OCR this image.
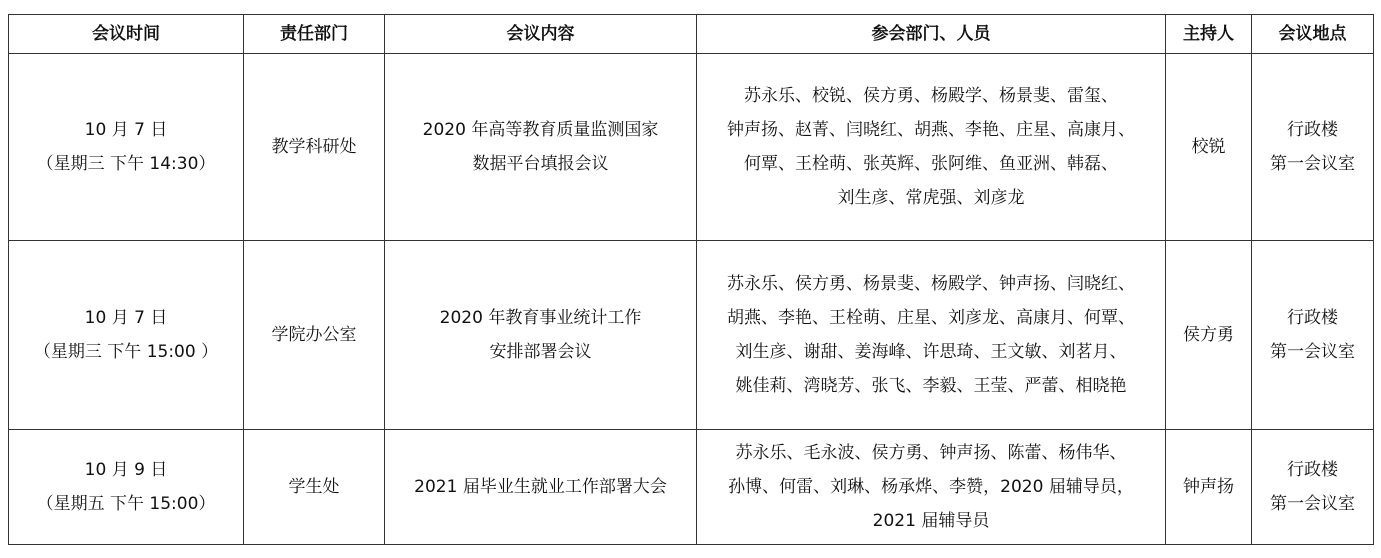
会议时间	责任部门	会议内容	参会部门、人员	主持人	会议地点

10 月 7 日
（星期三 下午 14:30）	教学科研处	2020 年高等教育质量监测国家
数据平台填报会议	苏永乐、校锐、侯方勇、杨殿学、杨景斐、雷玺、
钟声扬、赵菁、闫晓红、胡燕、李艳、庄星、高康月、
何覃、王栓萌、张英辉、张阿维、鱼亚洲、韩磊、
刘生彦、常虎强、刘彦龙	校锐	行政楼
第一会议室

10 月 7 日
（星期三 下午 15:00 ）	学院办公室	2020 年教育事业统计工作
安排部署会议	苏永乐、侯方勇、杨景斐、杨殿学、钟声扬、闫晓红、
胡燕、李艳、王栓萌、庄星、刘彦龙、高康月、何覃、
刘生彦、谢甜、姜海峰、许思琦、王文敏、刘茗月、
姚佳莉、湾晓芳、张飞、李毅、王莹、严蕾、相晓艳	侯方勇	行政楼
第一会议室

10 月 9 日
（星期五 下午 15:00）	学生处	2021 届毕业生就业工作部署大会	苏永乐、毛永波、侯方勇、钟声扬、陈蕾、杨伟华、
孙博、何雷、刘琳、杨承烨、李赞，2020 届辅导员，
2021 届辅导员	钟声扬	行政楼
第一会议室
